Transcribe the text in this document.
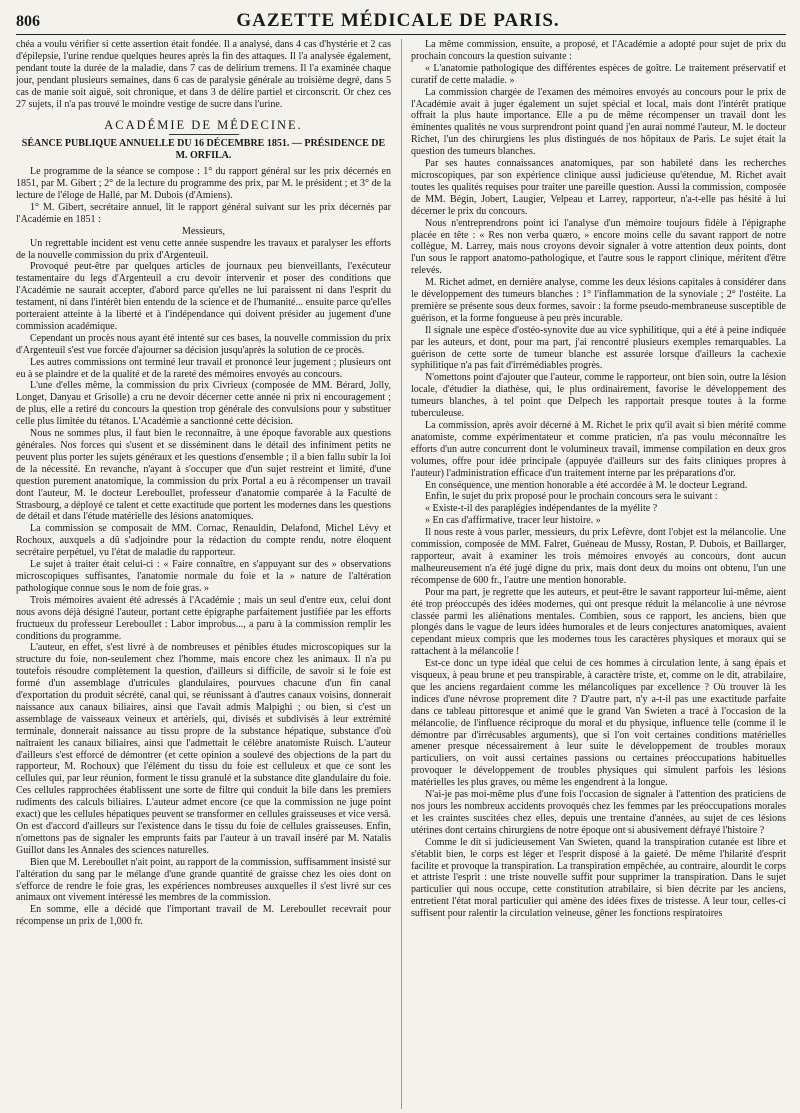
806	GAZETTE MÉDICALE DE PARIS.

chéa a voulu vérifier si cette assertion était fondée. Il a analysé, dans 4 cas d'hystérie et 2 cas d'épilepsie, l'urine rendue quelques heures après la fin des attaques. Il l'a analysée également, pendant toute la durée de la maladie, dans 7 cas de delirium tremens. Il l'a examinée chaque jour, pendant plusieurs semaines, dans 6 cas de paralysie générale au troisième degré, dans 5 cas de manie soit aiguë, soit chronique, et dans 3 de délire partiel et circonscrit. Or chez ces 27 sujets, il n'a pas trouvé le moindre vestige de sucre dans l'urine.

ACADÉMIE DE MÉDECINE.
SÉANCE PUBLIQUE ANNUELLE DU 16 DÉCEMBRE 1851. — PRÉSIDENCE DE M. ORFILA.

Le programme de la séance se compose : 1° du rapport général sur les prix décernés en 1851, par M. Gibert ; 2° de la lecture du programme des prix, par M. le président ; et 3° de la lecture de l'éloge de Hallé, par M. Dubois (d'Amiens).

1° M. Gibert, secrétaire annuel, lit le rapport général suivant sur les prix décernés par l'Académie en 1851 :

Messieurs,

Un regrettable incident est venu cette année suspendre les travaux et paralyser les efforts de la nouvelle commission du prix d'Argenteuil.

Provoqué peut-être par quelques articles de journaux peu bienveillants, l'exécuteur testamentaire du legs d'Argenteuil a cru devoir intervenir et poser des conditions que l'Académie ne saurait accepter, d'abord parce qu'elles ne lui paraissent ni dans l'esprit du testament, ni dans l'intérêt bien entendu de la science et de l'humanité... ensuite parce qu'elles porteraient atteinte à la liberté et à l'indépendance qui doivent présider au jugement d'une commission académique.

Cependant un procès nous ayant été intenté sur ces bases, la nouvelle commission du prix d'Argenteuil s'est vue forcée d'ajourner sa décision jusqu'après la solution de ce procès.

Les autres commissions ont terminé leur travail et prononcé leur jugement ; plusieurs ont eu à se plaindre et de la qualité et de la rareté des mémoires envoyés au concours.

L'une d'elles même, la commission du prix Civrieux (composée de MM. Bérard, Jolly, Longet, Danyau et Grisolle) a cru ne devoir décerner cette année ni prix ni encouragement ; de plus, elle a retiré du concours la question trop générale des convulsions pour y substituer celle plus limitée du tétanos. L'Académie a sanctionné cette décision.

Nous ne sommes plus, il faut bien le reconnaître, à une époque favorable aux questions générales. Nos forces qui s'usent et se disséminent dans le détail des infiniment petits ne peuvent plus porter les sujets généraux et les questions d'ensemble ; il a bien fallu subir la loi de la nécessité. En revanche, n'ayant à s'occuper que d'un sujet restreint et limité, d'une question purement anatomique, la commission du prix Portal a eu à récompenser un travail dont l'auteur, M. le docteur Lereboullet, professeur d'anatomie comparée à la Faculté de Strasbourg, a déployé ce talent et cette exactitude que portent les modernes dans les questions de détail et dans l'étude matérielle des lésions anatomiques.

La commission se composait de MM. Cornac, Renauldin, Delafond, Michel Lévy et Rochoux, auxquels a dû s'adjoindre pour la rédaction du compte rendu, notre éloquent secrétaire perpétuel, vu l'état de maladie du rapporteur.

Le sujet à traiter était celui-ci : « Faire connaître, en s'appuyant sur des » observations microscopiques suffisantes, l'anatomie normale du foie et la » nature de l'altération pathologique connue sous le nom de foie gras. »

Trois mémoires avaient été adressés à l'Académie ; mais un seul d'entre eux, celui dont nous avons déjà désigné l'auteur, portant cette épigraphe parfaitement justifiée par les efforts fructueux du professeur Lereboullet : Labor improbus..., a paru à la commission remplir les conditions du programme.

L'auteur, en effet, s'est livré à de nombreuses et pénibles études microscopiques sur la structure du foie, non-seulement chez l'homme, mais encore chez les animaux. Il n'a pu toutefois résoudre complètement la question, d'ailleurs si difficile, de savoir si le foie est formé d'un assemblage d'utricules glandulaires, pourvues chacune d'un fin canal d'exportation du produit sécrété, canal qui, se réunissant à d'autres canaux voisins, donnerait naissance aux canaux biliaires, ainsi que l'avait admis Malpighi ; ou bien, si c'est un assemblage de vaisseaux veineux et artériels, qui, divisés et subdivisés à leur extrémité terminale, donnerait naissance au tissu propre de la substance hépatique, substance d'où naîtraient les canaux biliaires, ainsi que l'admettait le célèbre anatomiste Ruisch. L'auteur d'ailleurs s'est efforcé de démontrer (et cette opinion a soulevé des objections de la part du rapporteur, M. Rochoux) que l'élément du tissu du foie est celluleux et que ce sont les cellules qui, par leur réunion, forment le tissu granulé et la substance dite glandulaire du foie. Ces cellules rapprochées établissent une sorte de filtre qui conduit la bile dans les premiers rudiments des calculs biliaires. L'auteur admet encore (ce que la commission ne juge point exact) que les cellules hépatiques peuvent se transformer en cellules graisseuses et vice versâ. On est d'accord d'ailleurs sur l'existence dans le tissu du foie de cellules graisseuses. Enfin, n'omettons pas de signaler les emprunts faits par l'auteur à un travail inséré par M. Natalis Guillot dans les Annales des sciences naturelles.

Bien que M. Lereboullet n'ait point, au rapport de la commission, suffisamment insisté sur l'altération du sang par le mélange d'une grande quantité de graisse chez les oies dont on s'efforce de rendre le foie gras, les expériences nombreuses auxquelles il s'est livré sur ces animaux ont vivement intéressé les membres de la commission.

En somme, elle a décidé que l'important travail de M. Lereboullet recevrait pour récompense un prix de 1,000 fr.

La même commission, ensuite, a proposé, et l'Académie a adopté pour sujet de prix du prochain concours la question suivante :

« L'anatomie pathologique des différentes espèces de goître. Le traitement préservatif et curatif de cette maladie. »

La commission chargée de l'examen des mémoires envoyés au concours pour le prix de l'Académie avait à juger également un sujet spécial et local, mais dont l'intérêt pratique offrait la plus haute importance. Elle a pu de même récompenser un travail dont les éminentes qualités ne vous surprendront point quand j'en aurai nommé l'auteur, M. le docteur Richet, l'un des chirurgiens les plus distingués de nos hôpitaux de Paris. Le sujet était la question des tumeurs blanches.

Par ses hautes connaissances anatomiques, par son habileté dans les recherches microscopiques, par son expérience clinique aussi judicieuse qu'étendue, M. Richet avait toutes les qualités requises pour traiter une pareille question. Aussi la commission, composée de MM. Bégin, Jobert, Laugier, Velpeau et Larrey, rapporteur, n'a-t-elle pas hésité à lui décerner le prix du concours.

Nous n'entreprendrons point ici l'analyse d'un mémoire toujours fidèle à l'épigraphe placée en tête : « Res non verba quæro, » encore moins celle du savant rapport de notre collègue, M. Larrey, mais nous croyons devoir signaler à votre attention deux points, dont l'un sous le rapport anatomo-pathologique, et l'autre sous le rapport clinique, méritent d'être relevés.

M. Richet admet, en dernière analyse, comme les deux lésions capitales à considérer dans le développement des tumeurs blanches : 1° l'inflammation de la synoviale ; 2° l'ostéite. La première se présente sous deux formes, savoir : la forme pseudo-membraneuse susceptible de guérison, et la forme fongueuse à peu près incurable.

Il signale une espèce d'ostéo-synovite due au vice syphilitique, qui a été à peine indiquée par les auteurs, et dont, pour ma part, j'ai rencontré plusieurs exemples remarquables. La guérison de cette sorte de tumeur blanche est assurée lorsque d'ailleurs la cachexie syphilitique n'a pas fait d'irrémédiables progrès.

N'omettons point d'ajouter que l'auteur, comme le rapporteur, ont bien soin, outre la lésion locale, d'étudier la diathèse, qui, le plus ordinairement, favorise le développement des tumeurs blanches, à tel point que Delpech les rapportait presque toutes à la forme tuberculeuse.

La commission, après avoir décerné à M. Richet le prix qu'il avait si bien mérité comme anatomiste, comme expérimentateur et comme praticien, n'a pas voulu méconnaître les efforts d'un autre concurrent dont le volumineux travail, immense compilation en deux gros volumes, offre pour idée principale (appuyée d'ailleurs sur des faits cliniques propres à l'auteur) l'administration efficace d'un traitement interne par les préparations d'or.

En conséquence, une mention honorable a été accordée à M. le docteur Legrand.

Enfin, le sujet du prix proposé pour le prochain concours sera le suivant :

« Existe-t-il des paraplégies indépendantes de la myélite ?

» En cas d'affirmative, tracer leur histoire. »

Il nous reste à vous parler, messieurs, du prix Lefèvre, dont l'objet est la mélancolie. Une commission, composée de MM. Falret, Guéneau de Mussy, Rostan, P. Dubois, et Baillarger, rapporteur, avait à examiner les trois mémoires envoyés au concours, dont aucun malheureusement n'a été jugé digne du prix, mais dont deux du moins ont obtenu, l'un une récompense de 600 fr., l'autre une mention honorable.

Pour ma part, je regrette que les auteurs, et peut-être le savant rapporteur lui-même, aient été trop préoccupés des idées modernes, qui ont presque réduit la mélancolie à une névrose classée parmi les aliénations mentales. Combien, sous ce rapport, les anciens, bien que plongés dans le vague de leurs idées humorales et de leurs conjectures anatomiques, avaient cependant mieux compris que les modernes tous les caractères physiques et moraux qui se rattachent à la mélancolie !

Est-ce donc un type idéal que celui de ces hommes à circulation lente, à sang épais et visqueux, à peau brune et peu transpirable, à caractère triste, et, comme on le dit, atrabilaire, que les anciens regardaient comme les mélancoliques par excellence ? Où trouver là les indices d'une névrose proprement dite ? D'autre part, n'y a-t-il pas une exactitude parfaite dans ce tableau pittoresque et animé que le grand Van Swieten a tracé à l'occasion de la mélancolie, de l'influence réciproque du moral et du physique, influence telle (comme il le démontre par d'irrécusables arguments), que si l'on voit certaines conditions matérielles amener presque nécessairement à leur suite le développement de troubles moraux particuliers, on voit aussi certaines passions ou certaines préoccupations habituelles provoquer le développement de troubles physiques qui simulent parfois les lésions matérielles les plus graves, ou même les engendrent à la longue.

N'ai-je pas moi-même plus d'une fois l'occasion de signaler à l'attention des praticiens de nos jours les nombreux accidents provoqués chez les femmes par les préoccupations morales et les craintes suscitées chez elles, depuis une trentaine d'années, au sujet de ces lésions utérines dont certains chirurgiens de notre époque ont si abusivement défrayé l'histoire ?

Comme le dit si judicieusement Van Swieten, quand la transpiration cutanée est libre et s'établit bien, le corps est léger et l'esprit disposé à la gaieté. De même l'hilarité d'esprit facilite et provoque la transpiration. La transpiration empêchée, au contraire, alourdit le corps et attriste l'esprit : une triste nouvelle suffit pour supprimer la transpiration. Dans le sujet particulier qui nous occupe, cette constitution atrabilaire, si bien décrite par les anciens, entretient l'état moral particulier qui amène des idées fixes de tristesse. A leur tour, celles-ci suffisent pour ralentir la circulation veineuse, gêner les fonctions respiratoires
